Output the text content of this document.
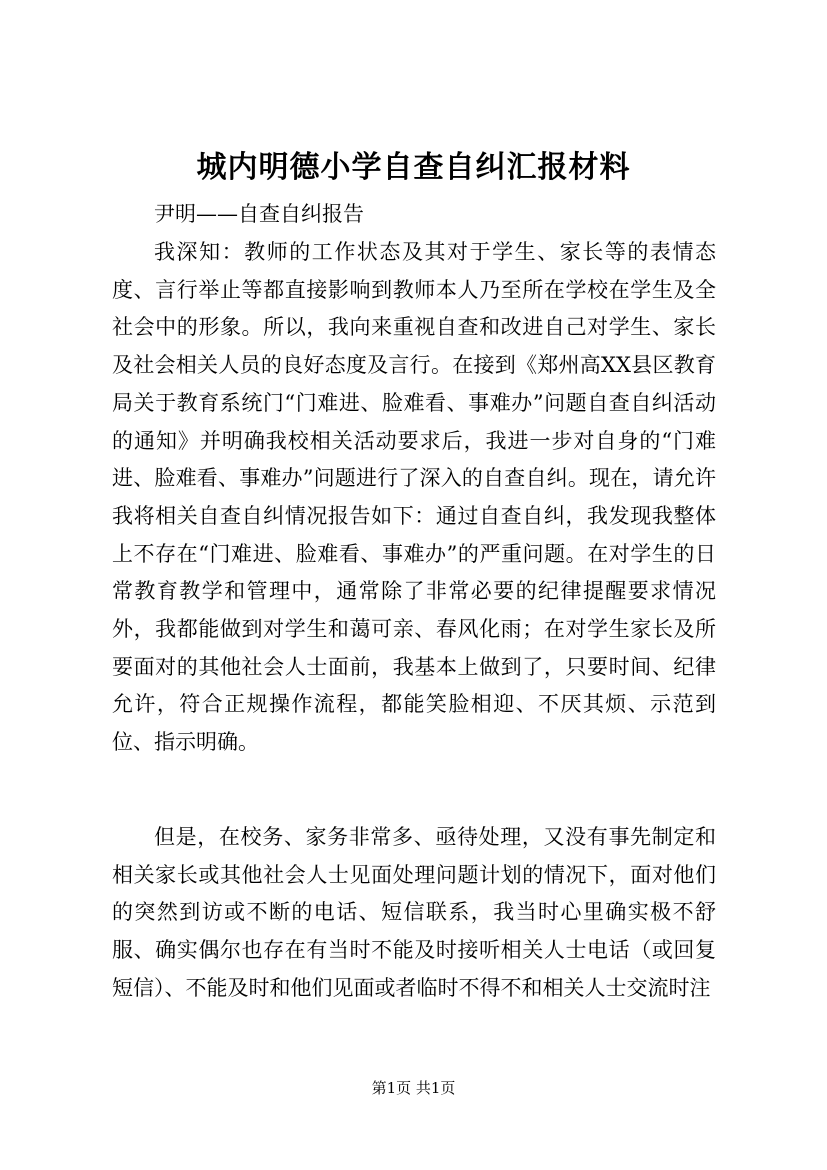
城内明德小学自查自纠汇报材料
尹明——自查自纠报告
我深知：教师的工作状态及其对于学生、家长等的表情态度、言行举止等都直接影响到教师本人乃至所在学校在学生及全社会中的形象。所以，我向来重视自查和改进自己对学生、家长及社会相关人员的良好态度及言行。在接到《郑州高XX县区教育局关于教育系统门“门难进、脸难看、事难办”问题自查自纠活动的通知》并明确我校相关活动要求后，我进一步对自身的“门难进、脸难看、事难办”问题进行了深入的自查自纠。现在，请允许我将相关自查自纠情况报告如下：通过自查自纠，我发现我整体上不存在“门难进、脸难看、事难办”的严重问题。在对学生的日常教育教学和管理中，通常除了非常必要的纪律提醒要求情况外，我都能做到对学生和蔼可亲、春风化雨；在对学生家长及所要面对的其他社会人士面前，我基本上做到了，只要时间、纪律允许，符合正规操作流程，都能笑脸相迎、不厌其烦、示范到位、指示明确。
但是，在校务、家务非常多、亟待处理，又没有事先制定和相关家长或其他社会人士见面处理问题计划的情况下，面对他们的突然到访或不断的电话、短信联系，我当时心里确实极不舒服、确实偶尔也存在有当时不能及时接听相关人士电话（或回复短信）、不能及时和他们见面或者临时不得不和相关人士交流时注
第1页 共1页
